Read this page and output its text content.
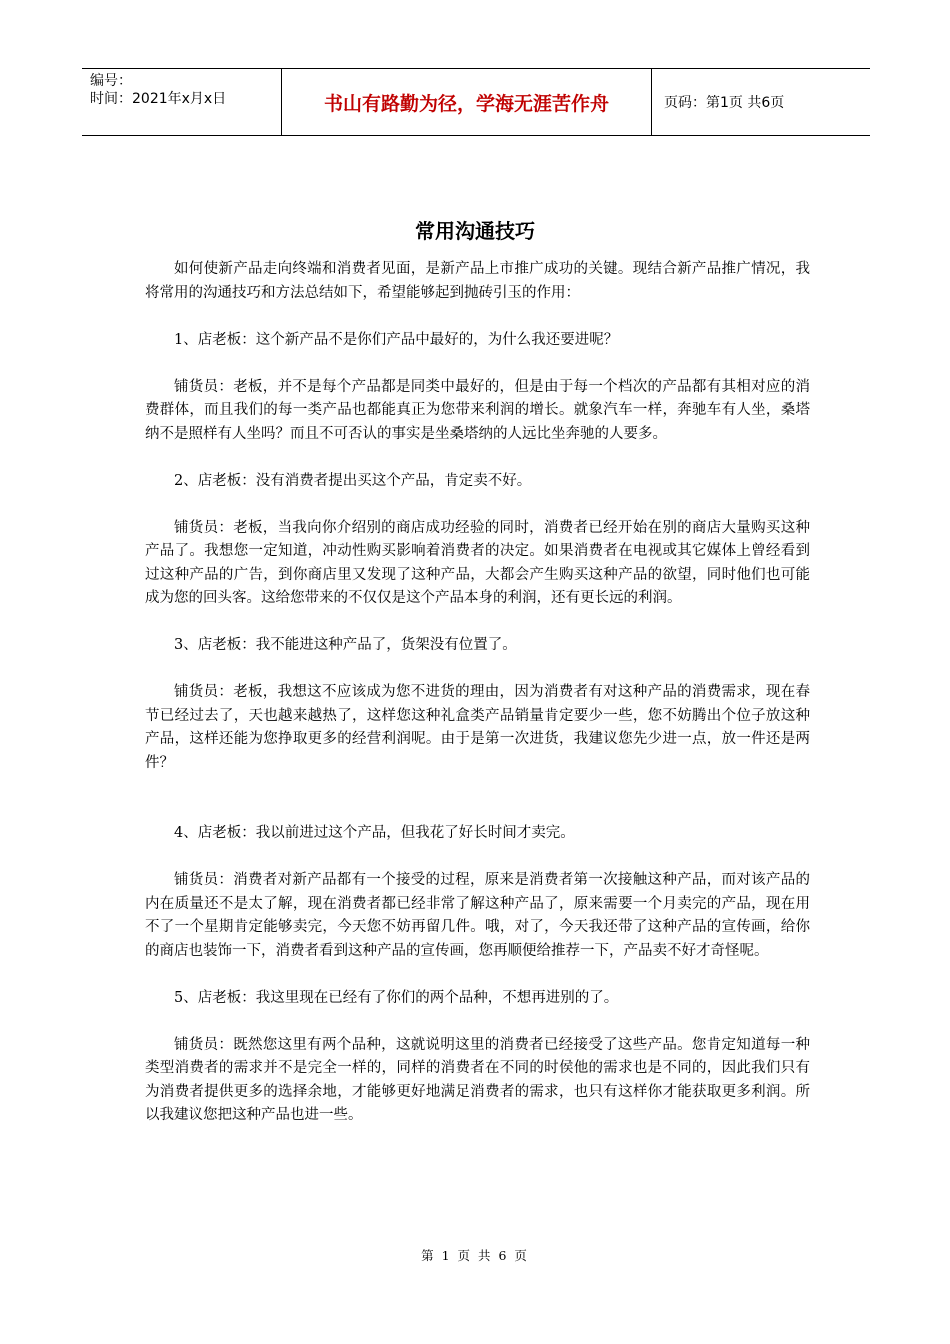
编号：
时间：2021年x月x日	书山有路勤为径，学海无涯苦作舟	页码：第1页 共6页
常用沟通技巧

如何使新产品走向终端和消费者见面，是新产品上市推广成功的关键。现结合新产品推广情况，我将常用的沟通技巧和方法总结如下，希望能够起到抛砖引玉的作用：

1、店老板：这个新产品不是你们产品中最好的，为什么我还要进呢？

铺货员：老板，并不是每个产品都是同类中最好的，但是由于每一个档次的产品都有其相对应的消费群体，而且我们的每一类产品也都能真正为您带来利润的增长。就象汽车一样，奔驰车有人坐，桑塔纳不是照样有人坐吗？而且不可否认的事实是坐桑塔纳的人远比坐奔驰的人要多。

2、店老板：没有消费者提出买这个产品，肯定卖不好。

铺货员：老板，当我向你介绍别的商店成功经验的同时，消费者已经开始在别的商店大量购买这种产品了。我想您一定知道，冲动性购买影响着消费者的决定。如果消费者在电视或其它媒体上曾经看到过这种产品的广告，到你商店里又发现了这种产品，大都会产生购买这种产品的欲望，同时他们也可能成为您的回头客。这给您带来的不仅仅是这个产品本身的利润，还有更长远的利润。

3、店老板：我不能进这种产品了，货架没有位置了。

铺货员：老板，我想这不应该成为您不进货的理由，因为消费者有对这种产品的消费需求，现在春节已经过去了，天也越来越热了，这样您这种礼盒类产品销量肯定要少一些，您不妨腾出个位子放这种产品，这样还能为您挣取更多的经营利润呢。由于是第一次进货，我建议您先少进一点，放一件还是两件？

4、店老板：我以前进过这个产品，但我花了好长时间才卖完。

铺货员：消费者对新产品都有一个接受的过程，原来是消费者第一次接触这种产品，而对该产品的内在质量还不是太了解，现在消费者都已经非常了解这种产品了，原来需要一个月卖完的产品，现在用不了一个星期肯定能够卖完，今天您不妨再留几件。哦，对了，今天我还带了这种产品的宣传画，给你的商店也装饰一下，消费者看到这种产品的宣传画，您再顺便给推荐一下，产品卖不好才奇怪呢。

5、店老板：我这里现在已经有了你们的两个品种，不想再进别的了。

铺货员：既然您这里有两个品种，这就说明这里的消费者已经接受了这些产品。您肯定知道每一种类型消费者的需求并不是完全一样的，同样的消费者在不同的时侯他的需求也是不同的，因此我们只有为消费者提供更多的选择余地，才能够更好地满足消费者的需求，也只有这样你才能获取更多利润。所以我建议您把这种产品也进一些。

第 1 页 共 6 页
